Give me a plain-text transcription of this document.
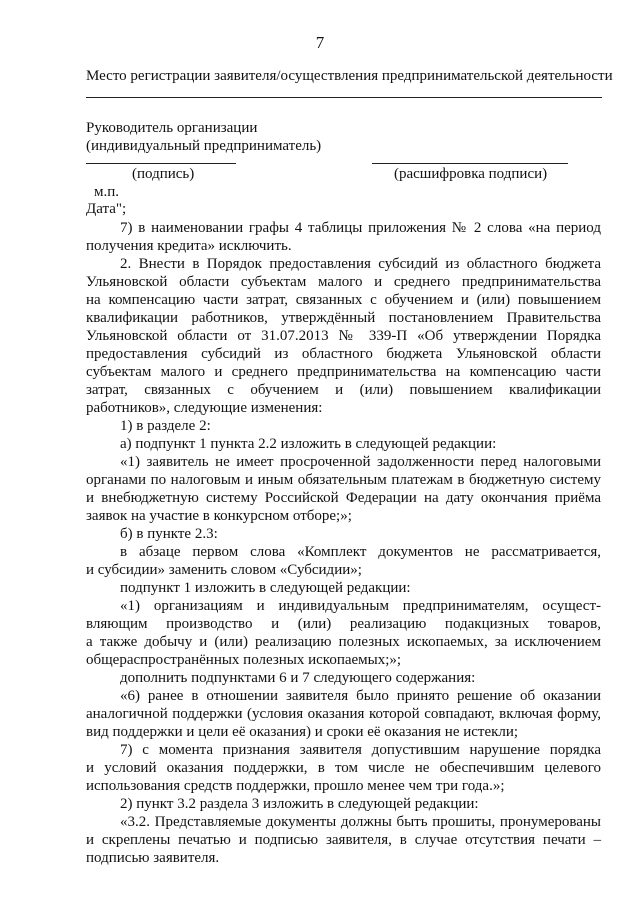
7
Место регистрации заявителя/осуществления предпринимательской деятельности
Руководитель организации
(индивидуальный предприниматель)
(подпись)	(расшифровка подписи)
м.п.
Дата";
7) в наименовании графы 4 таблицы приложения № 2 слова «на период
получения кредита» исключить.
2. Внести в Порядок предоставления субсидий из областного бюджета
Ульяновской области субъектам малого и среднего предпринимательства
на компенсацию части затрат, связанных с обучением и (или) повышением
квалификации работников, утверждённый постановлением Правительства
Ульяновской области от 31.07.2013 № 339-П «Об утверждении Порядка
предоставления субсидий из областного бюджета Ульяновской области
субъектам малого и среднего предпринимательства на компенсацию части
затрат, связанных с обучением и (или) повышением квалификации
работников», следующие изменения:
1) в разделе 2:
а) подпункт 1 пункта 2.2 изложить в следующей редакции:
«1) заявитель не имеет просроченной задолженности перед налоговыми
органами по налоговым и иным обязательным платежам в бюджетную систему
и внебюджетную систему Российской Федерации на дату окончания приёма
заявок на участие в конкурсном отборе;»;
б) в пункте 2.3:
в абзаце первом слова «Комплект документов не рассматривается,
и субсидии» заменить словом «Субсидии»;
подпункт 1 изложить в следующей редакции:
«1) организациям и индивидуальным предпринимателям, осущест-
вляющим производство и (или) реализацию подакцизных товаров,
а также добычу и (или) реализацию полезных ископаемых, за исключением
общераспространённых полезных ископаемых;»;
дополнить подпунктами 6 и 7 следующего содержания:
«6) ранее в отношении заявителя было принято решение об оказании
аналогичной поддержки (условия оказания которой совпадают, включая форму,
вид поддержки и цели её оказания) и сроки её оказания не истекли;
7) с момента признания заявителя допустившим нарушение порядка
и условий оказания поддержки, в том числе не обеспечившим целевого
использования средств поддержки, прошло менее чем три года.»;
2) пункт 3.2 раздела 3 изложить в следующей редакции:
«3.2. Представляемые документы должны быть прошиты, пронумерованы
и скреплены печатью и подписью заявителя, в случае отсутствия печати –
подписью заявителя.
